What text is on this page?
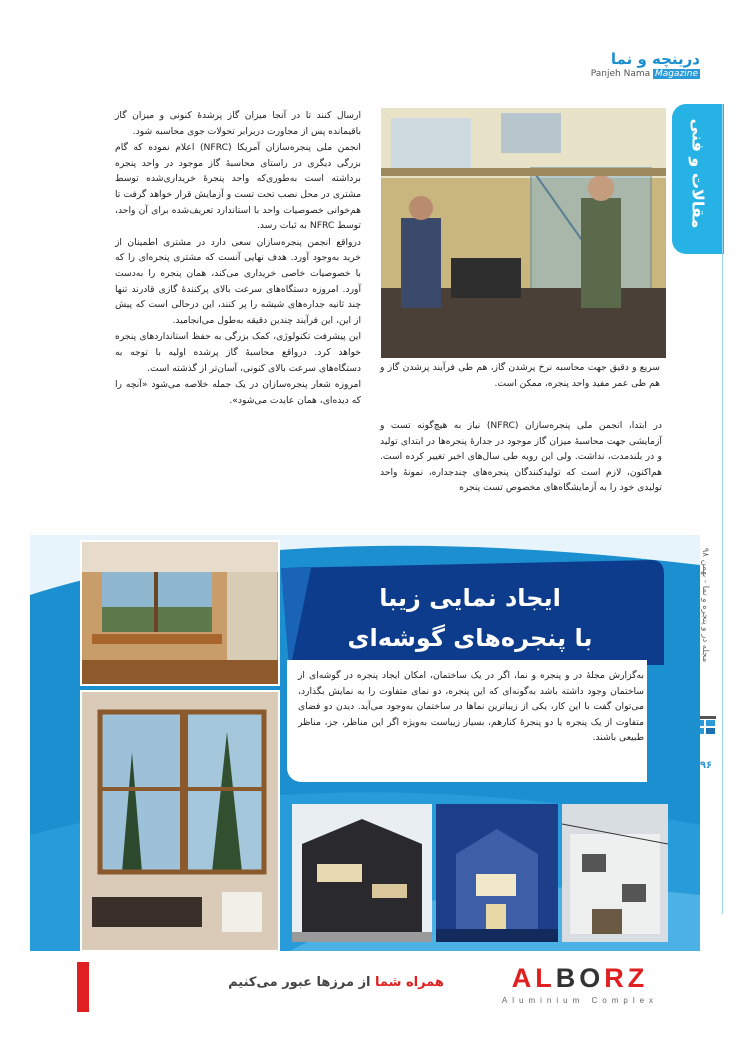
درینچه و نما
Panjeh Nama Magazine
مقالات و فنی
مجله در و پنجره و نما - بهمن ۹۸
۹۶

ارسال کنند تا در آنجا میزان گاز پرشدۀ کنونی و میزان گاز باقیمانده پس از مجاورت دربرابر تحولات جوی محاسبه شود.

انجمن ملی پنجره‌سازان آمریکا (NFRC) اعلام نموده که گام بزرگی دیگری در راستای محاسبۀ گاز موجود در واحد پنجره برداشته است به‌طوری‌که واحد پنجرۀ خریداری‌شده توسط مشتری در محل نصب تحت تست و آزمایش قرار خواهد گرفت تا هم‌خوانی خصوصیات واحد با استاندارد تعریف‌شده برای آن واحد، توسط NFRC به ثبات رسد.

درواقع انجمن پنجره‌سازان سعی دارد در مشتری اطمینان از خرید به‌وجود آورد. هدف نهایی آنست که مشتری پنجره‌ای را که با خصوصیات خاصی خریداری می‌کند، همان پنجره را به‌دست آورد. امروزه دستگاه‌های سرعت بالای پرکنندۀ گازی قادرند تنها چند ثانیه جداره‌های شیشه را پر کنند، این درحالی است که پیش از این، این فرآیند چندین دقیقه به‌طول می‌انجامید.

این پیشرفت تکنولوژی، کمک بزرگی به حفظ استانداردهای پنجره خواهد کرد. درواقع محاسبۀ گاز پرشده اولیه با توجه به دستگاه‌های سرعت بالای کنونی، آسان‌تر از گذشته است.

امروزه شعار پنجره‌سازان در یک جمله خلاصه می‌شود «آنچه را که دیده‌ای، همان عایدت می‌شود».

سریع و دقیق جهت محاسبه نرخ پرشدن گاز، هم طی فرآیند پرشدن گاز و هم طی عمر مفید واحد پنجره، ممکن است.

در ابتدا، انجمن ملی پنجره‌سازان (NFRC) نیاز به هیچ‌گونه تست و آزمایشی جهت محاسبۀ میزان گاز موجود در جدارۀ پنجره‌ها در ابتدای تولید و در بلندمدت، نداشت. ولی این رویه طی سال‌های اخیر تغییر کرده است. هم‌اکنون، لازم است که تولیدکنندگان پنجره‌های چندجداره، نمونۀ واحد تولیدی خود را به آزمایشگاه‌های مخصوص تست پنجره

ایجاد نمایی زیبا
با پنجره‌های گوشه‌ای

به‌گزارش مجلۀ در و پنجره و نما، اگر در یک ساختمان، امکان ایجاد پنجره در گوشه‌ای از ساختمان وجود داشته باشد به‌گونه‌ای که این پنجره، دو نمای متفاوت را به نمایش بگذارد، می‌توان گفت با این کار، یکی از زیباترین نماها در ساختمان به‌وجود می‌آید. دیدن دو فضای متفاوت از یک پنجره یا دو پنجرۀ کنارهم، بسیار زیباست به‌ویژه اگر این مناظر، جز، مناظر طبیعی باشند.

همراه شما از مرزها عبور می‌کنیم	ALBORZ
Aluminium Complex
